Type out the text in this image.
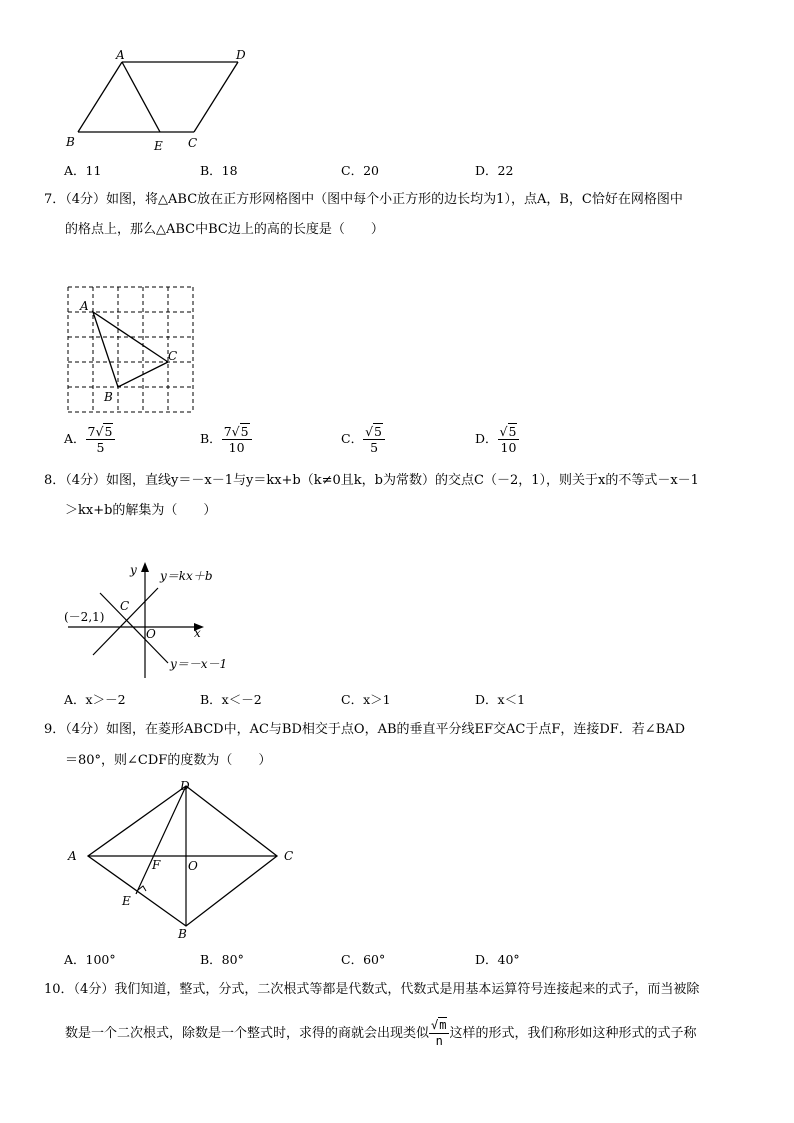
A	D
B	E C
A．11	B．18	C．20	D．22
7．（4分）如图，将△ABC放在正方形网格图中（图中每个小正方形的边长均为1），点A，B，C恰好在网格图中
的格点上，那么△ABC中BC边上的高的长度是（　　）
A
B
C
A． $\frac{7√5}{5}$	B． $\frac{7√5}{10}$	C． $\frac{√5}{5}$	D． $\frac{√5}{10}$
8．（4分）如图，直线y＝－x－1与y＝kx+b（k≠0且k，b为常数）的交点C（－2，1），则关于x的不等式－x－1
＞kx+b的解集为（　　）
y
x
O
C
(－2,1)
y＝kx＋b
y＝－x－1
A．x＞－2	B．x＜－2	C．x＞1	D．x＜1
9．（4分）如图，在菱形ABCD中，AC与BD相交于点O，AB的垂直平分线EF交AC于点F，连接DF．若∠BAD
＝80°，则∠CDF的度数为（　　）
D
A
F O
C
E
B
A．100°	B．80°	C．60°	D．40°
10．（4分）我们知道，整式，分式，二次根式等都是代数式，代数式是用基本运算符号连接起来的式子，而当被除
数是一个二次根式，除数是一个整式时，求得的商就会出现类似 $\frac{√m}{n}$ 这样的形式，我们称形如这种形式的式子称
